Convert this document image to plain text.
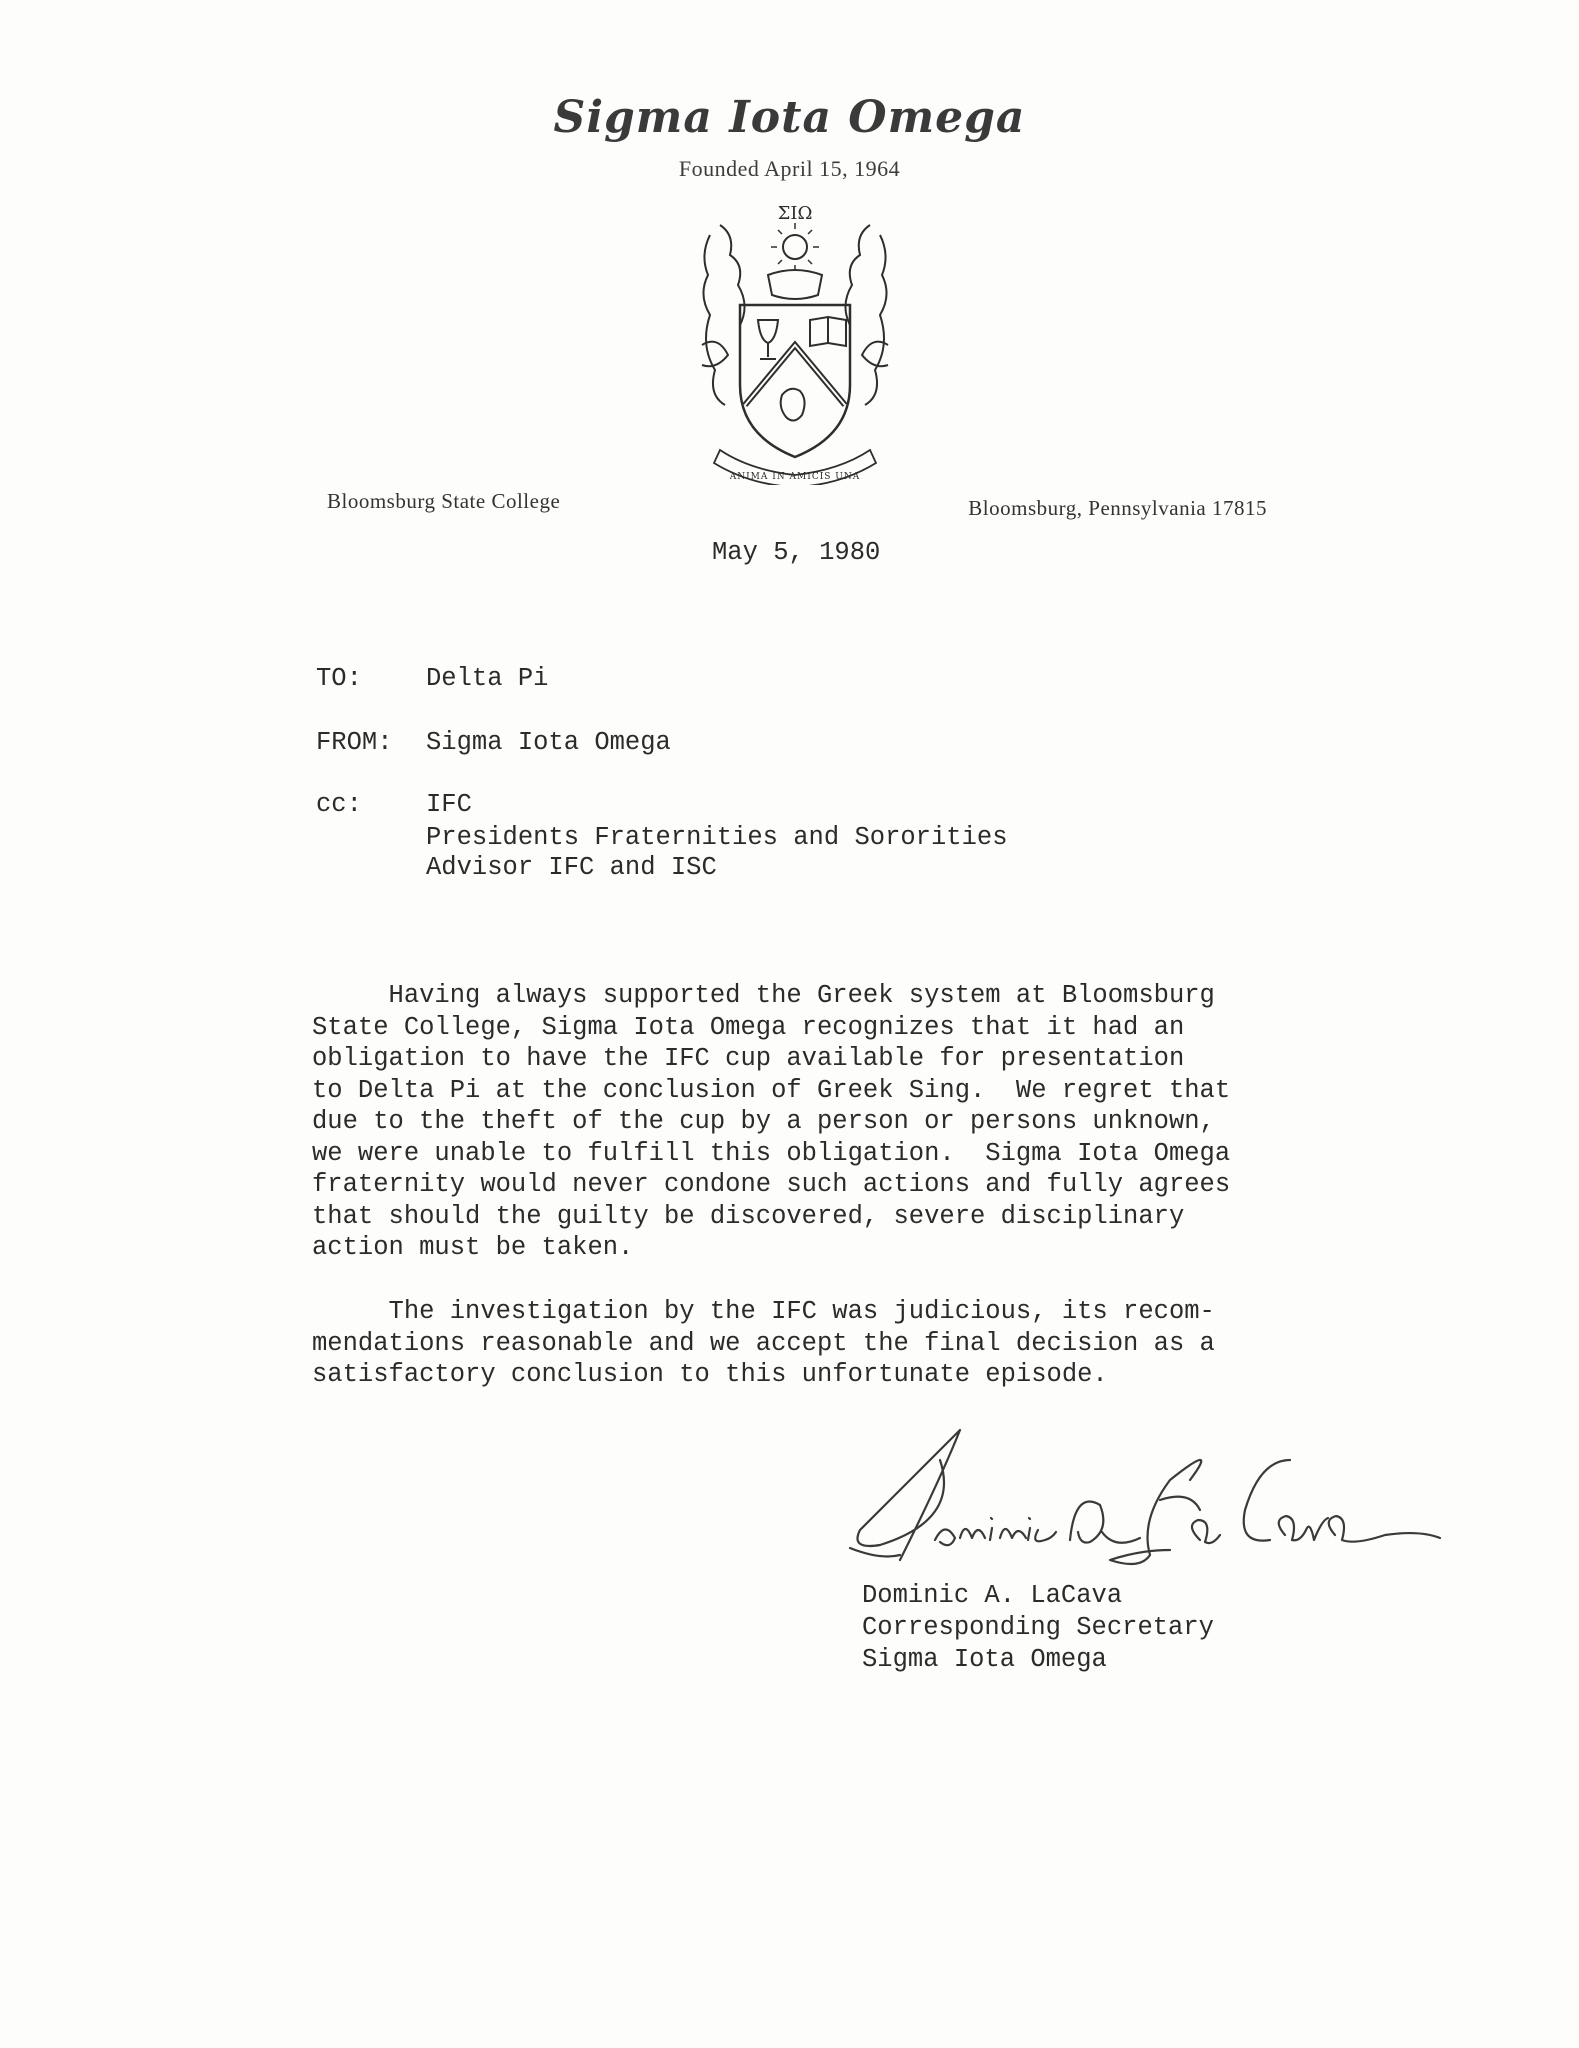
Sigma Iota Omega
Founded April 15, 1964
ΣΙΩ
ANIMA IN AMICIS UNA
Bloomsburg State College	Bloomsburg, Pennsylvania 17815
May 5, 1980
TO:	Delta Pi
FROM: Sigma Iota Omega
cc:	IFC
Presidents Fraternities and Sororities
Advisor IFC and ISC
Having always supported the Greek system at Bloomsburg
State College, Sigma Iota Omega recognizes that it had an
obligation to have the IFC cup available for presentation
to Delta Pi at the conclusion of Greek Sing.  We regret that
due to the theft of the cup by a person or persons unknown,
we were unable to fulfill this obligation.  Sigma Iota Omega
fraternity would never condone such actions and fully agrees
that should the guilty be discovered, severe disciplinary
action must be taken.
The investigation by the IFC was judicious, its recom-
mendations reasonable and we accept the final decision as a
satisfactory conclusion to this unfortunate episode.
Dominic A. LaCava
Dominic A. LaCava
Corresponding Secretary
Sigma Iota Omega
